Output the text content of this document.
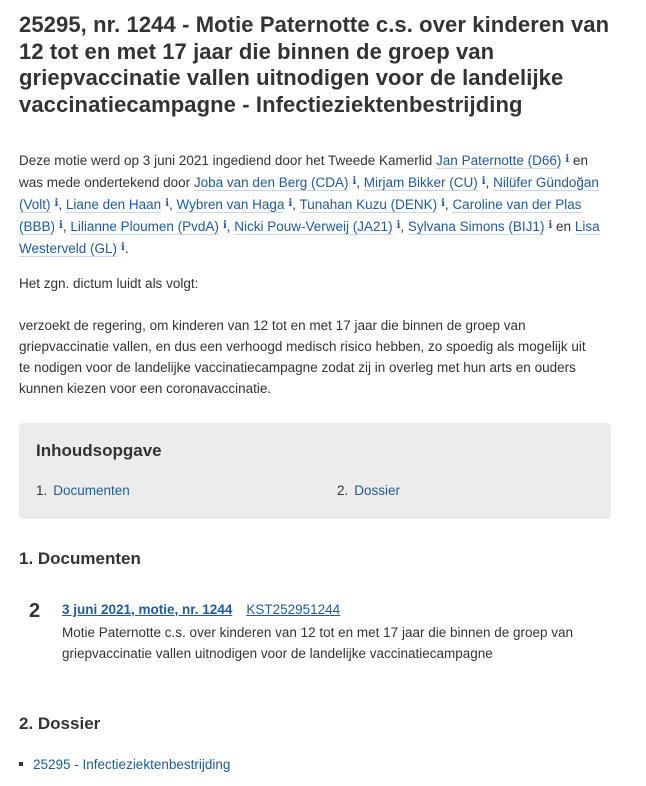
25295, nr. 1244 - Motie Paternotte c.s. over kinderen van 12 tot en met 17 jaar die binnen de groep van griepvaccinatie vallen uitnodigen voor de landelijke vaccinatiecampagne - Infectieziektenbestrijding
Deze motie werd op 3 juni 2021 ingediend door het Tweede Kamerlid Jan Paternotte (D66) i en was mede ondertekend door Joba van den Berg (CDA) i, Mirjam Bikker (CU) i, Nilüfer Gündoğan (Volt) i, Liane den Haan i, Wybren van Haga i, Tunahan Kuzu (DENK) i, Caroline van der Plas (BBB) i, Lilianne Ploumen (PvdA) i, Nicki Pouw-Verweij (JA21) i, Sylvana Simons (BIJ1) i en Lisa Westerveld (GL) i.

Het zgn. dictum luidt als volgt:

verzoekt de regering, om kinderen van 12 tot en met 17 jaar die binnen de groep van griepvaccinatie vallen, en dus een verhoogd medisch risico hebben, zo spoedig als mogelijk uit te nodigen voor de landelijke vaccinatiecampagne zodat zij in overleg met hun arts en ouders kunnen kiezen voor een coronavaccinatie.

Inhoudsopgave
1. Documenten	2. Dossier
1. Documenten
2 3 juni 2021, motie, nr. 1244 KST252951244
Motie Paternotte c.s. over kinderen van 12 tot en met 17 jaar die binnen de groep van griepvaccinatie vallen uitnodigen voor de landelijke vaccinatiecampagne
2. Dossier
25295 - Infectieziektenbestrijding
